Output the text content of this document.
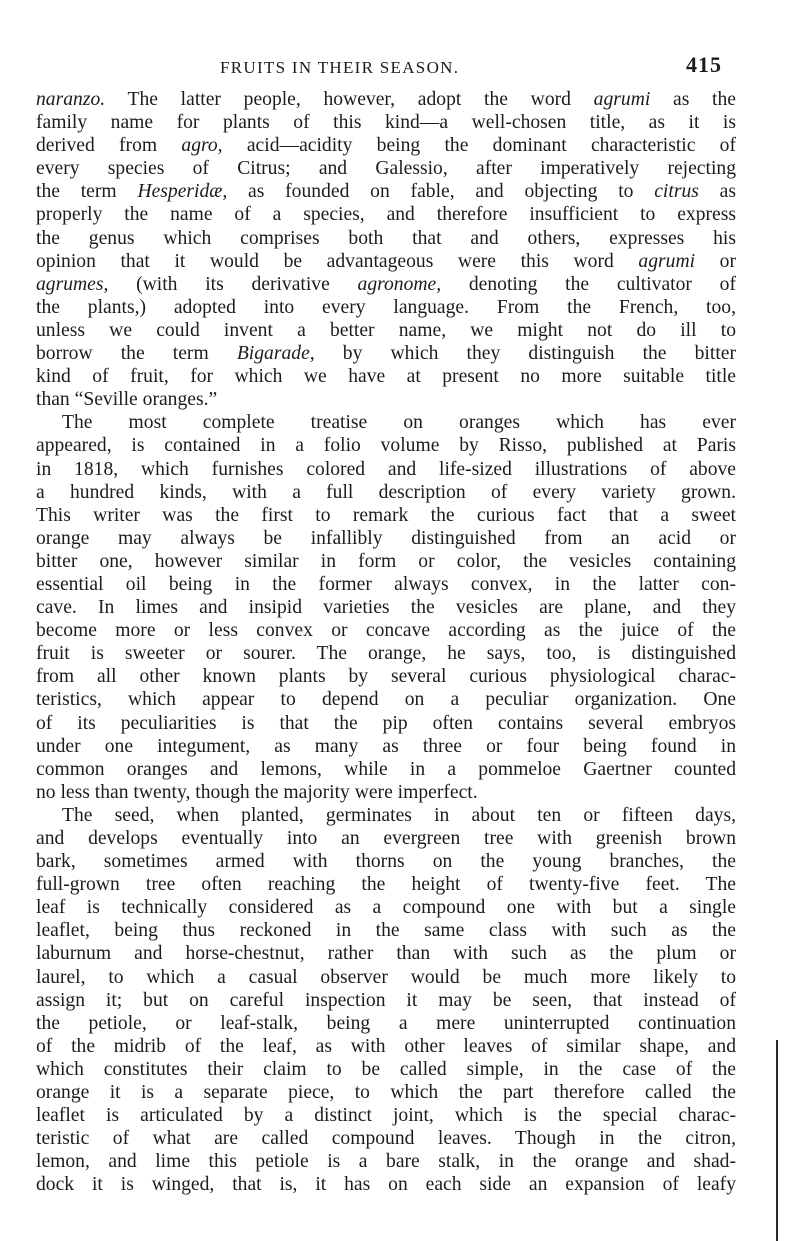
FRUITS IN THEIR SEASON.	415
naranzo. The latter people, however, adopt the word agrumi as the
family name for plants of this kind—a well-chosen title, as it is
derived from agro, acid—acidity being the dominant characteristic of
every species of Citrus; and Galessio, after imperatively rejecting
the term Hesperidæ, as founded on fable, and objecting to citrus as
properly the name of a species, and therefore insufficient to express
the genus which comprises both that and others, expresses his
opinion that it would be advantageous were this word agrumi or
agrumes, (with its derivative agronome, denoting the cultivator of
the plants,) adopted into every language. From the French, too,
unless we could invent a better name, we might not do ill to
borrow the term Bigarade, by which they distinguish the bitter
kind of fruit, for which we have at present no more suitable title
than “Seville oranges.”
The most complete treatise on oranges which has ever
appeared, is contained in a folio volume by Risso, published at Paris
in 1818, which furnishes colored and life-sized illustrations of above
a hundred kinds, with a full description of every variety grown.
This writer was the first to remark the curious fact that a sweet
orange may always be infallibly distinguished from an acid or
bitter one, however similar in form or color, the vesicles containing
essential oil being in the former always convex, in the latter con-
cave. In limes and insipid varieties the vesicles are plane, and they
become more or less convex or concave according as the juice of the
fruit is sweeter or sourer. The orange, he says, too, is distinguished
from all other known plants by several curious physiological charac-
teristics, which appear to depend on a peculiar organization. One
of its peculiarities is that the pip often contains several embryos
under one integument, as many as three or four being found in
common oranges and lemons, while in a pommeloe Gaertner counted
no less than twenty, though the majority were imperfect.
The seed, when planted, germinates in about ten or fifteen days,
and develops eventually into an evergreen tree with greenish brown
bark, sometimes armed with thorns on the young branches, the
full-grown tree often reaching the height of twenty-five feet. The
leaf is technically considered as a compound one with but a single
leaflet, being thus reckoned in the same class with such as the
laburnum and horse-chestnut, rather than with such as the plum or
laurel, to which a casual observer would be much more likely to
assign it; but on careful inspection it may be seen, that instead of
the petiole, or leaf-stalk, being a mere uninterrupted continuation
of the midrib of the leaf, as with other leaves of similar shape, and
which constitutes their claim to be called simple, in the case of the
orange it is a separate piece, to which the part therefore called the
leaflet is articulated by a distinct joint, which is the special charac-
teristic of what are called compound leaves. Though in the citron,
lemon, and lime this petiole is a bare stalk, in the orange and shad-
dock it is winged, that is, it has on each side an expansion of leafy
